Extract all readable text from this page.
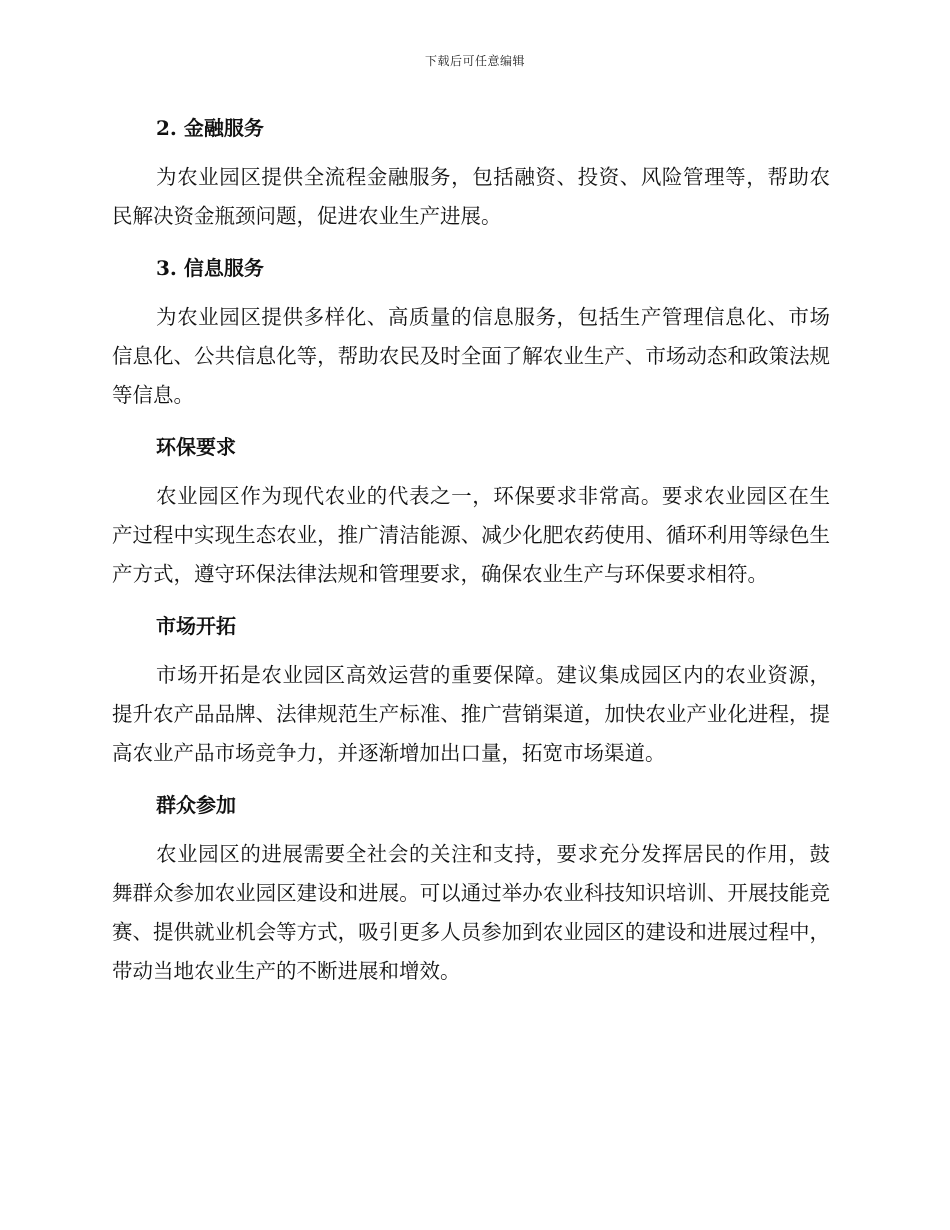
下载后可任意编辑
2. 金融服务

为农业园区提供全流程金融服务，包括融资、投资、风险管理等，帮助农民解决资金瓶颈问题，促进农业生产进展。

3. 信息服务

为农业园区提供多样化、高质量的信息服务，包括生产管理信息化、市场信息化、公共信息化等，帮助农民及时全面了解农业生产、市场动态和政策法规等信息。

环保要求

农业园区作为现代农业的代表之一，环保要求非常高。要求农业园区在生产过程中实现生态农业，推广清洁能源、减少化肥农药使用、循环利用等绿色生产方式，遵守环保法律法规和管理要求，确保农业生产与环保要求相符。

市场开拓

市场开拓是农业园区高效运营的重要保障。建议集成园区内的农业资源，提升农产品品牌、法律规范生产标准、推广营销渠道，加快农业产业化进程，提高农业产品市场竞争力，并逐渐增加出口量，拓宽市场渠道。

群众参加

农业园区的进展需要全社会的关注和支持，要求充分发挥居民的作用，鼓舞群众参加农业园区建设和进展。可以通过举办农业科技知识培训、开展技能竞赛、提供就业机会等方式，吸引更多人员参加到农业园区的建设和进展过程中，带动当地农业生产的不断进展和增效。
